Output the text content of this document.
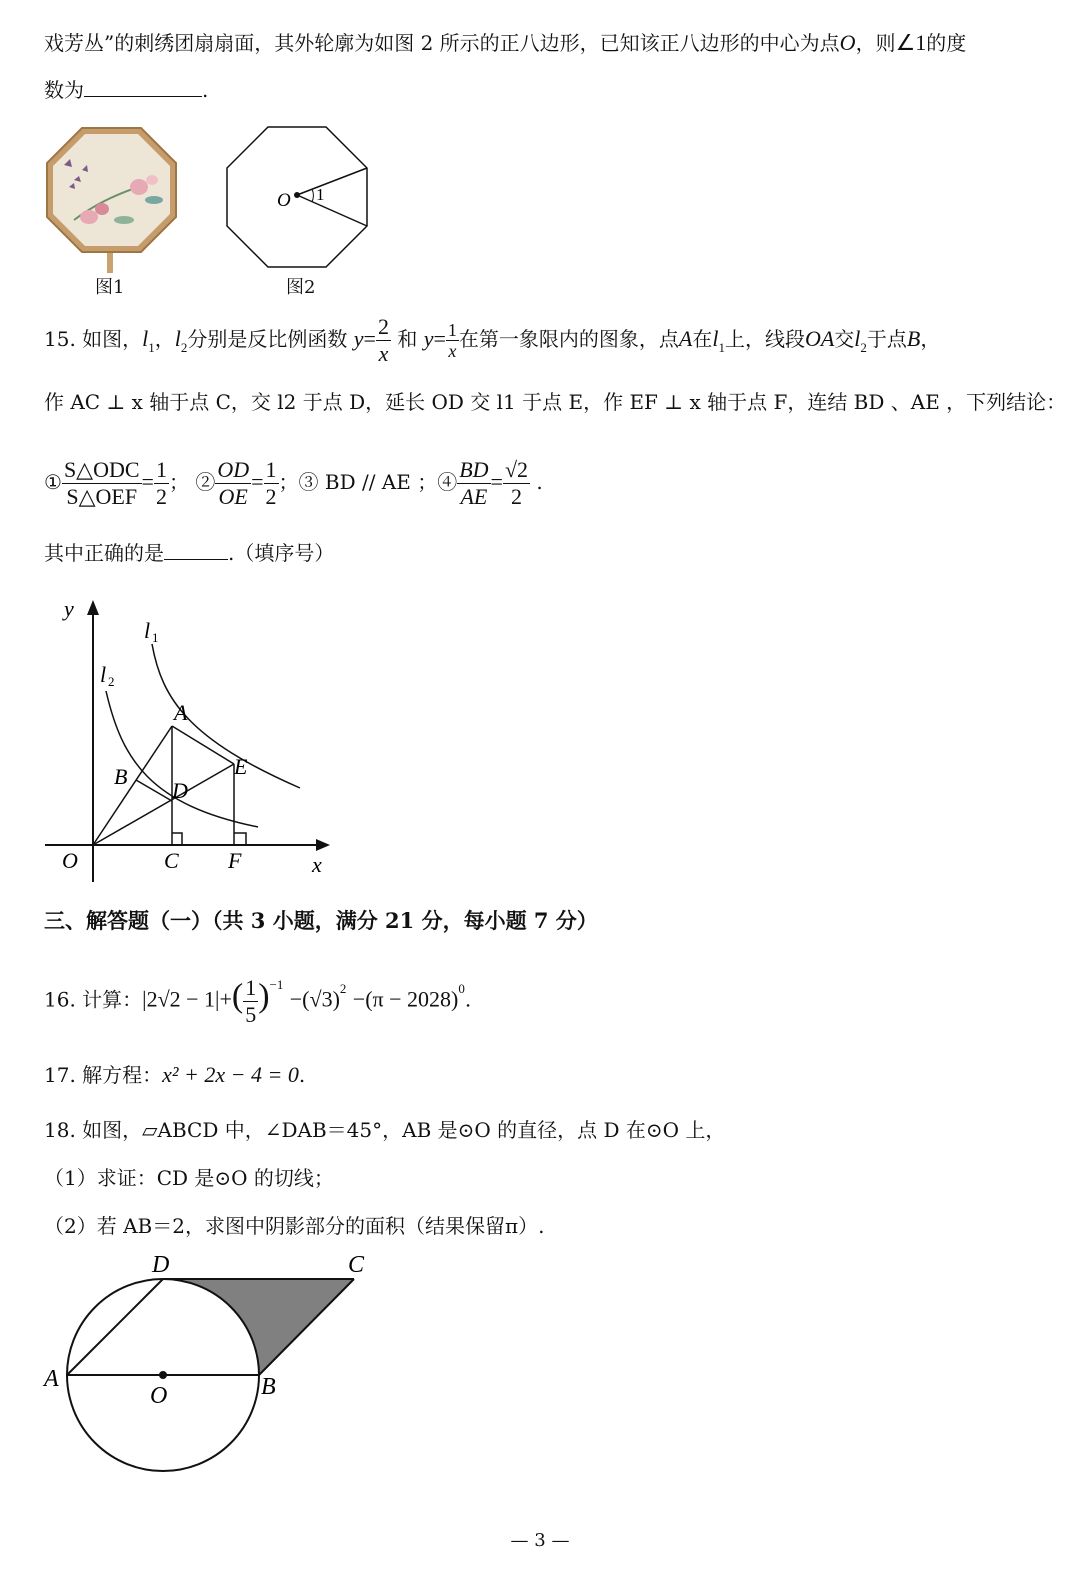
戏芳丛”的刺绣团扇扇面，其外轮廓为如图 2 所示的正八边形，已知该正八边形的中心为点O，则∠1的度
数为	.
图1
O 1
图2
15. 如图，$l_1$，$l_2$分别是反比例函数 $y= \frac{2}{x}$ 和 $y= \frac{1}{x}$ 在第一象限内的图象，点A在$l_1$上，线段OA交$l_2$于点B，
作 AC ⊥ x 轴于点 C，交 l2 于点 D，延长 OD 交 l1 于点 E，作 EF ⊥ x 轴于点 F，连结 BD 、AE ，下列结论：
① $\frac{\text{S△ODC}}{\text{S△OEF}} = \frac{1}{2}$ ； ② $\frac{OD}{OE} = \frac{1}{2}$ ；③ BD // AE ；④ $\frac{BD}{AE} = \frac{√2}{2}$ .
其中正确的是	.（填序号）
y
x
O	C F
A
B
D
E
l 1
l 2
三、解答题（一）（共 3 小题，满分 21 分，每小题 7 分）
16. 计算：$|2√2 - 1|+( \frac{1}{5} )^{-1} -(√3)^2 -(\pi - 2028)^0$.
17. 解方程：x² + 2x − 4 = 0.
18. 如图，▱ABCD 中，∠DAB＝45°，AB 是⊙O 的直径，点 D 在⊙O 上，
（1）求证：CD 是⊙O 的切线；
（2）若 AB＝2，求图中阴影部分的面积（结果保留π）.
A	B
C
D
O
— 3 —
